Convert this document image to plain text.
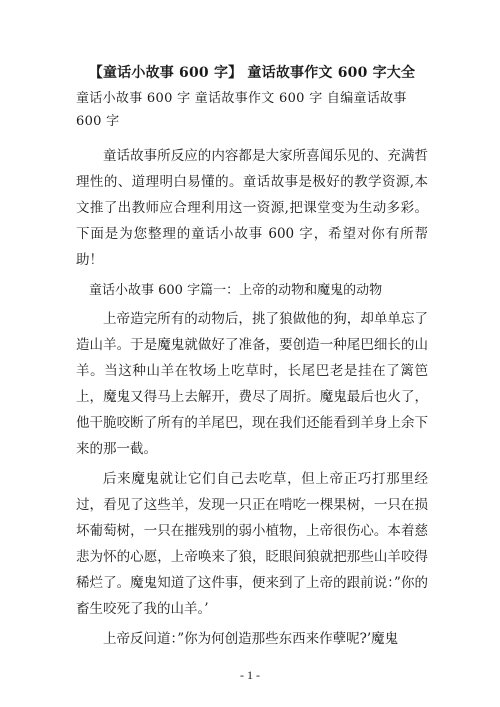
【童话小故事 600 字】 童话故事作文 600 字大全

童话小故事 600 字 童话故事作文 600 字 自编童话故事 600 字

童话故事所反应的内容都是大家所喜闻乐见的、充满哲理性的、道理明白易懂的。童话故事是极好的教学资源,本文推了出教师应合理利用这一资源,把课堂变为生动多彩。下面是为您整理的童话小故事 600 字，希望对你有所帮助！

童话小故事 600 字篇一：上帝的动物和魔鬼的动物

上帝造完所有的动物后，挑了狼做他的狗，却单单忘了造山羊。于是魔鬼就做好了准备，要创造一种尾巴细长的山羊。当这种山羊在牧场上吃草时，长尾巴老是挂在了篱笆上，魔鬼又得马上去解开，费尽了周折。魔鬼最后也火了，他干脆咬断了所有的羊尾巴，现在我们还能看到羊身上余下来的那一截。

后来魔鬼就让它们自己去吃草，但上帝正巧打那里经过，看见了这些羊，发现一只正在啃吃一棵果树，一只在损坏葡萄树，一只在摧残别的弱小植物，上帝很伤心。本着慈悲为怀的心愿，上帝唤来了狼，眨眼间狼就把那些山羊咬得稀烂了。魔鬼知道了这件事，便来到了上帝的跟前说：”你的畜生咬死了我的山羊。’

上帝反问道：”你为何创造那些东西来作孽呢?’魔鬼

- 1 -
